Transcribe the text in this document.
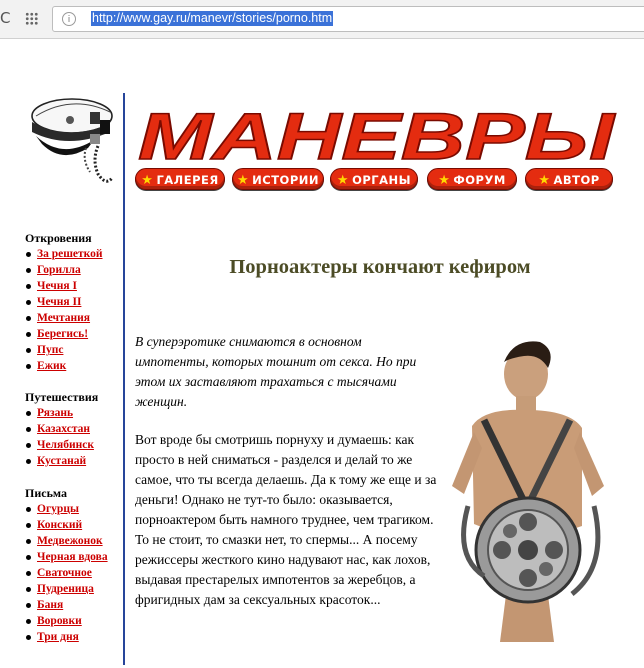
C	i	http://www.gay.ru/manevr/stories/porno.htm
Откровения
За решеткой
Горилла
Чечня I
Чечня II
Мечтания
Берегись!
Пупс
Ежик
Путешествия
Рязань
Казахстан
Челябинск
Кустанай
Письма
Огурцы
Конский
Медвежонок
Черная вдова
Сваточное
Пудреница
Баня
Воровки
Три дня
МАНЕВРЫ
★ ГАЛЕРЕЯ	★ ИСТОРИИ	★ ОРГАНЫ	★ ФОРУМ	★ АВТОР
Порноактеры кончают кефиром
В суперэротике снимаются в основном импотенты, которых тошнит от секса. Но при этом их заставляют трахаться с тысячами женщин.
Вот вроде бы смотришь порнуху и думаешь: как просто в ней сниматься - разделся и делай то же самое, что ты всегда делаешь. Да к тому же еще и за деньги! Однако не тут-то было: оказывается, порноактером быть намного труднее, чем трагиком. То не стоит, то смазки нет, то спермы... А посему режиссеры жесткого кино надувают нас, как лохов, выдавая престарелых импотентов за жеребцов, а фригидных дам за сексуальных красоток...
